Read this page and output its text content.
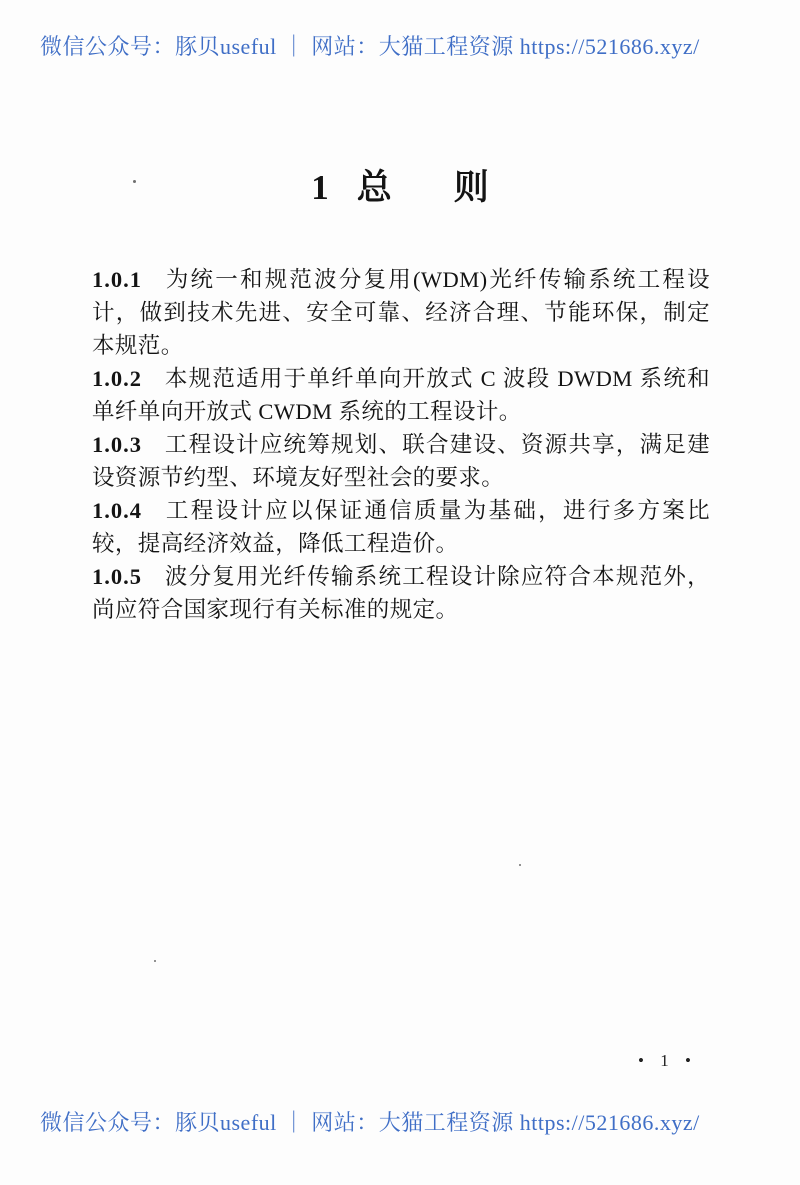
微信公众号：豚贝useful ｜ 网站：大猫工程资源 https://521686.xyz/
1 总 则

1.0.1 为统一和规范波分复用(WDM)光纤传输系统工程设计，做到技术先进、安全可靠、经济合理、节能环保，制定本规范。

1.0.2 本规范适用于单纤单向开放式 C 波段 DWDM 系统和单纤单向开放式 CWDM 系统的工程设计。

1.0.3 工程设计应统筹规划、联合建设、资源共享，满足建设资源节约型、环境友好型社会的要求。

1.0.4 工程设计应以保证通信质量为基础，进行多方案比较，提高经济效益，降低工程造价。

1.0.5 波分复用光纤传输系统工程设计除应符合本规范外，尚应符合国家现行有关标准的规定。

• 1 •
微信公众号：豚贝useful ｜ 网站：大猫工程资源 https://521686.xyz/
